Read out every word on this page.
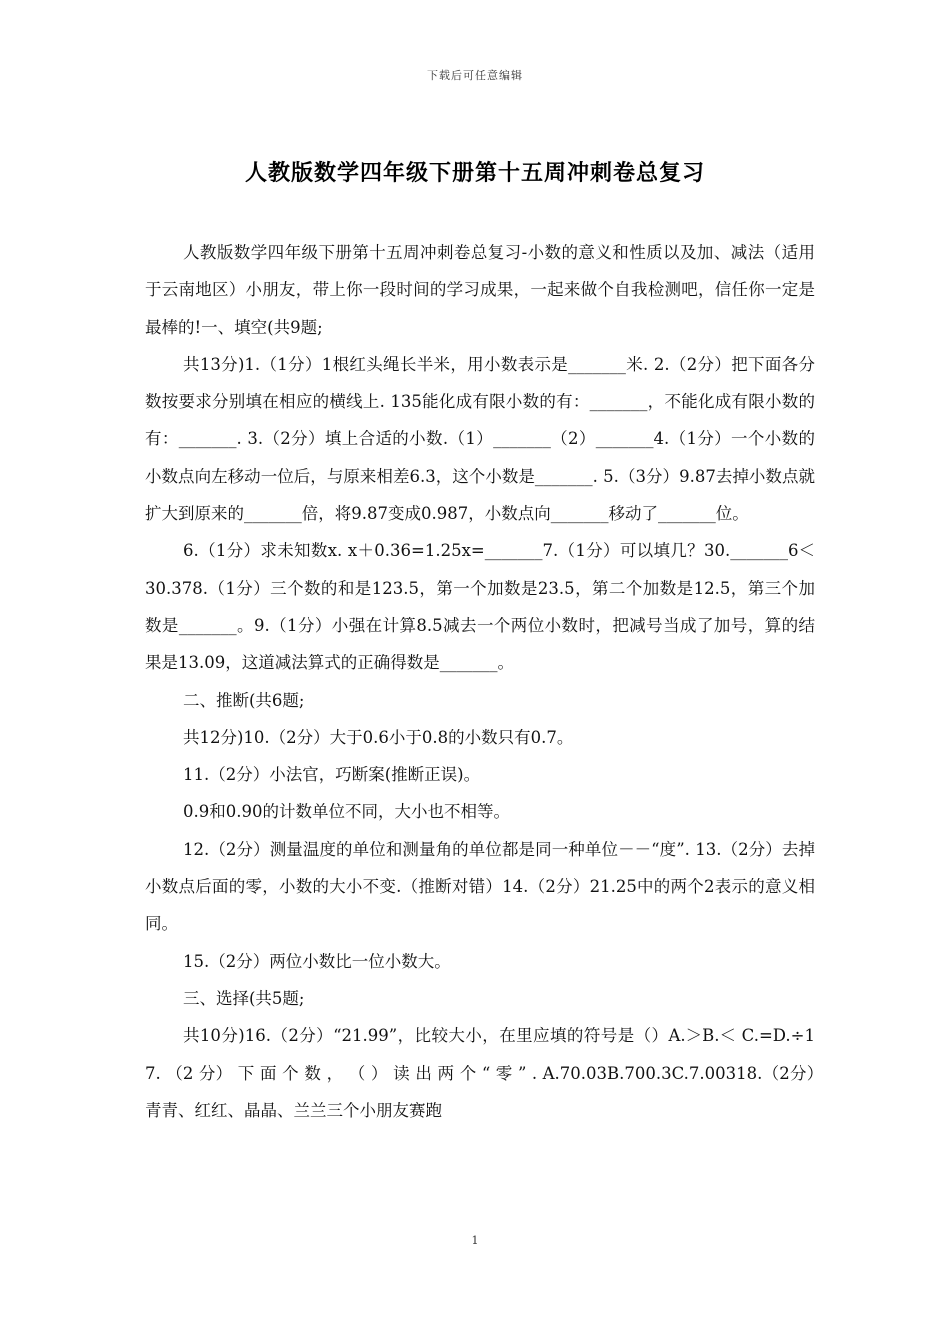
下载后可任意编辑
人教版数学四年级下册第十五周冲刺卷总复习

人教版数学四年级下册第十五周冲刺卷总复习-小数的意义和性质以及加、减法（适用于云南地区）小朋友，带上你一段时间的学习成果，一起来做个自我检测吧，信任你一定是最棒的!一、填空(共9题;

共13分)1.（1分）1根红头绳长半米，用小数表示是_______米. 2.（2分）把下面各分数按要求分别填在相应的横线上. 135能化成有限小数的有：_______，不能化成有限小数的有：_______. 3.（2分）填上合适的小数.（1）_______（2）_______4.（1分）一个小数的小数点向左移动一位后，与原来相差6.3，这个小数是_______. 5.（3分）9.87去掉小数点就扩大到原来的_______倍，将9.87变成0.987，小数点向_______移动了_______位。

6.（1分）求未知数x. x＋0.36=1.25x=_______7.（1分）可以填几？30._______6＜30.378.（1分）三个数的和是123.5，第一个加数是23.5，第二个加数是12.5，第三个加数是_______。9.（1分）小强在计算8.5减去一个两位小数时，把减号当成了加号，算的结果是13.09，这道减法算式的正确得数是_______。

二、推断(共6题;

共12分)10.（2分）大于0.6小于0.8的小数只有0.7。

11.（2分）小法官，巧断案(推断正误)。

0.9和0.90的计数单位不同，大小也不相等。

12.（2分）测量温度的单位和测量角的单位都是同一种单位－－“度”. 13.（2分）去掉小数点后面的零，小数的大小不变.（推断对错）14.（2分）21.25中的两个2表示的意义相同。

15.（2分）两位小数比一位小数大。

三、选择(共5题;

共10分)16.（2分）“21.99”，比较大小，在里应填的符号是（）A.＞B.＜ C.=D.÷17. （2 分） 下 面 个 数 ， （ ） 读 出 两 个 “ 零 ” . A.70.03B.700.3C.7.00318.（2分）青青、红红、晶晶、兰兰三个小朋友赛跑

1
